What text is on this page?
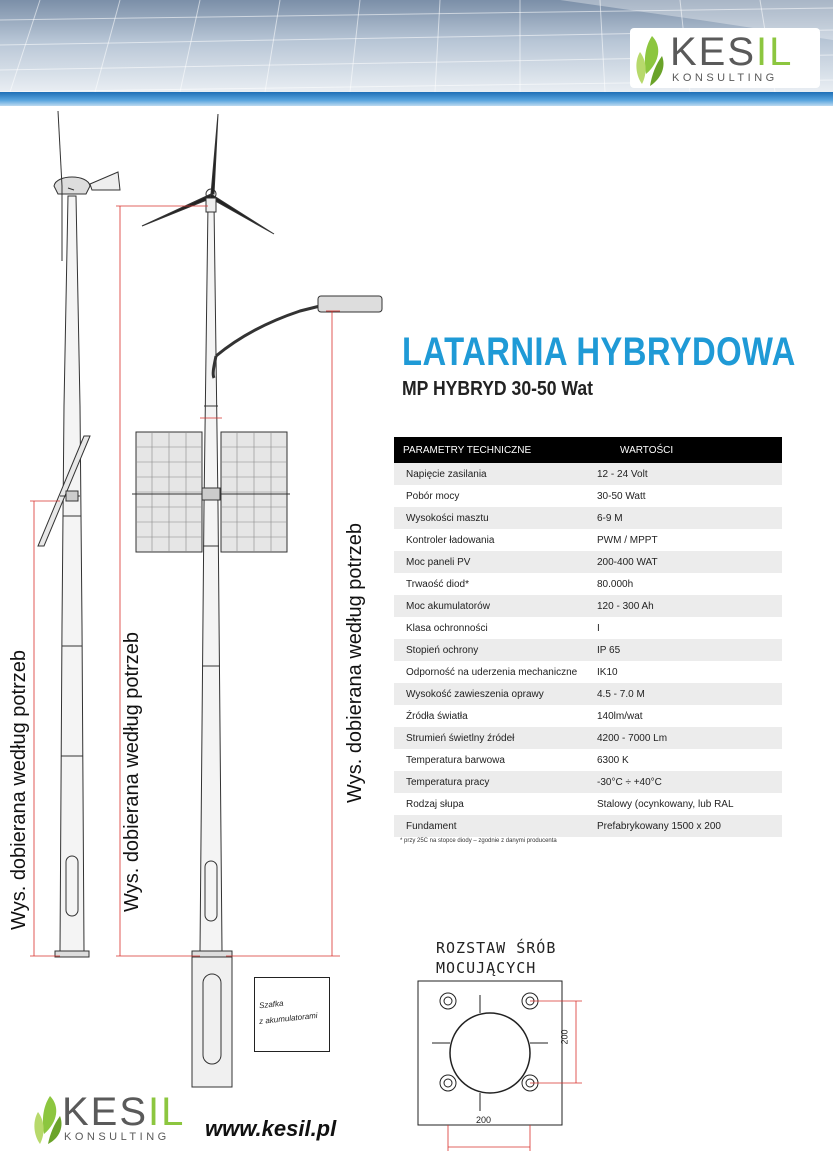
KESIL
KONSULTING
Wys. dobierana według potrzeb	Wys. dobierana według potrzeb	Wys. dobierana według potrzeb
Szafka
z akumulatorami
LATARNIA HYBRYDOWA
MP HYBRYD 30-50 Wat
PARAMETRY TECHNICZNE	WARTOŚCI
Napięcie zasilania	12 - 24 Volt
Pobór mocy	30-50 Watt
Wysokości masztu	6-9 M
Kontroler ładowania	PWM / MPPT
Moc paneli PV	200-400 WAT
Trwaość diod*	80.000h
Moc akumulatorów	120 - 300 Ah
Klasa ochronności	I
Stopień ochrony	IP 65
Odporność na uderzenia mechaniczne	IK10
Wysokość zawieszenia oprawy	4.5 - 7.0 M
Źródła światła	140lm/wat
Strumień świetlny źródeł	4200 - 7000 Lm
Temperatura barwowa	6300 K
Temperatura pracy	-30°C ÷ +40°C
Rodzaj słupa	Stalowy (ocynkowany, lub RAL
Fundament	Prefabrykowany 1500 x 200
* przy 25C na stopce diody – zgodnie z danymi producenta
ROZSTAW ŚRÓB
MOCUJĄCYCH
200
200
KESIL
KONSULTING www.kesil.pl
